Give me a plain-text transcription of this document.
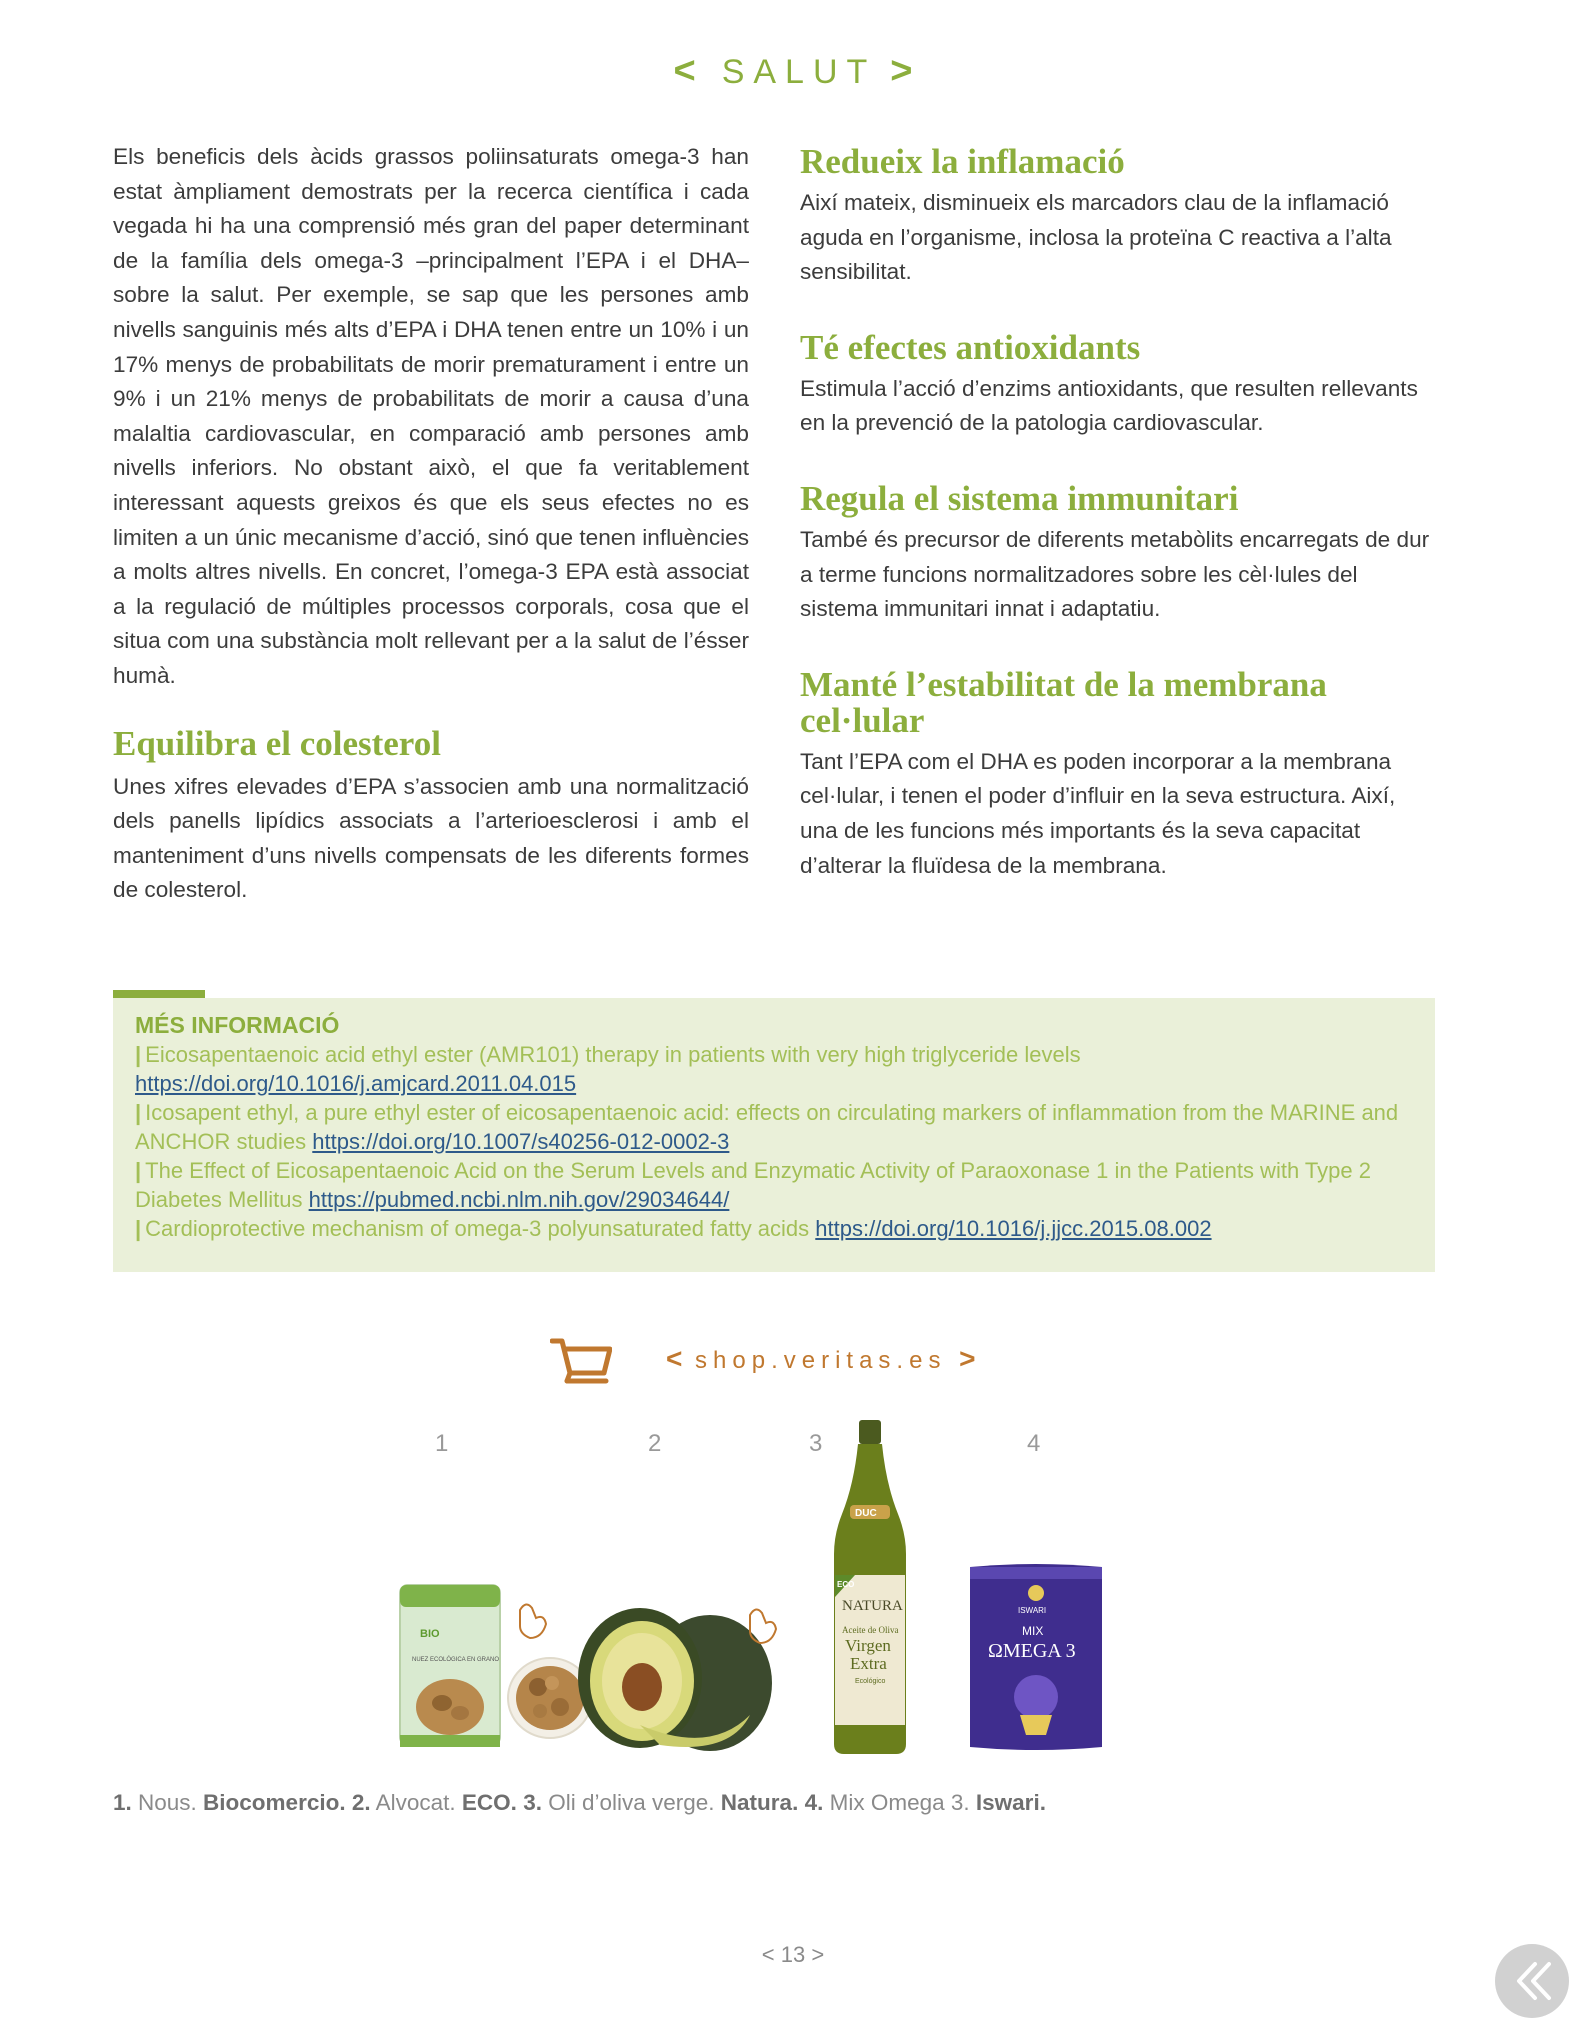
< SALUT >

Els beneficis dels àcids grassos poliinsaturats omega-3 han estat àmpliament demostrats per la recerca científica i cada vegada hi ha una comprensió més gran del paper determinant de la família dels omega-3 –principalment l’EPA i el DHA– sobre la salut. Per exemple, se sap que les persones amb nivells sanguinis més alts d’EPA i DHA tenen entre un 10% i un 17% menys de probabilitats de morir prematurament i entre un 9% i un 21% menys de probabilitats de morir a causa d’una malaltia cardiovascular, en comparació amb persones amb nivells inferiors. No obstant això, el que fa veritablement interessant aquests greixos és que els seus efectes no es limiten a un únic mecanisme d’acció, sinó que tenen influències a molts altres nivells. En concret, l’omega-3 EPA està associat a la regulació de múltiples processos corporals, cosa que el situa com una substància molt rellevant per a la salut de l’ésser humà.

Equilibra el colesterol

Unes xifres elevades d’EPA s’associen amb una normalització dels panells lipídics associats a l’arterioesclerosi i amb el manteniment d’uns nivells compensats de les diferents formes de colesterol.

Redueix la inflamació

Així mateix, disminueix els marcadors clau de la inflamació aguda en l’organisme, inclosa la proteïna C reactiva a l’alta sensibilitat.

Té efectes antioxidants

Estimula l’acció d’enzims antioxidants, que resulten rellevants en la prevenció de la patologia cardiovascular.

Regula el sistema immunitari

També és precursor de diferents metabòlits encarregats de dur a terme funcions normalitzadores sobre les cèl·lules del sistema immunitari innat i adaptatiu.

Manté l’estabilitat de la membrana cel·lular

Tant l’EPA com el DHA es poden incorporar a la membrana cel·lular, i tenen el poder d’influir en la seva estructura. Així, una de les funcions més importants és la seva capacitat d’alterar la fluïdesa de la membrana.

MÉS INFORMACIÓ
| Eicosapentaenoic acid ethyl ester (AMR101) therapy in patients with very high triglyceride levels https://doi.org/10.1016/j.amjcard.2011.04.015
| Icosapent ethyl, a pure ethyl ester of eicosapentaenoic acid: effects on circulating markers of inflammation from the MARINE and ANCHOR studies https://doi.org/10.1007/s40256-012-0002-3
| The Effect of Eicosapentaenoic Acid on the Serum Levels and Enzymatic Activity of Paraoxonase 1 in the Patients with Type 2 Diabetes Mellitus https://pubmed.ncbi.nlm.nih.gov/29034644/
| Cardioprotective mechanism of omega-3 polyunsaturated fatty acids https://doi.org/10.1016/j.jjcc.2015.08.002
< shop.veritas.es >
1	2	3	4
BIO
NUEZ ECOLÓGICA EN GRANO
DUC
ECO
NATURA
Aceite de Oliva
Virgen
Extra
Ecológico
ISWARI
MIX
ΩMEGA 3
1. Nous. Biocomercio. 2. Alvocat. ECO. 3. Oli d’oliva verge. Natura. 4. Mix Omega 3. Iswari.
< 13 >
